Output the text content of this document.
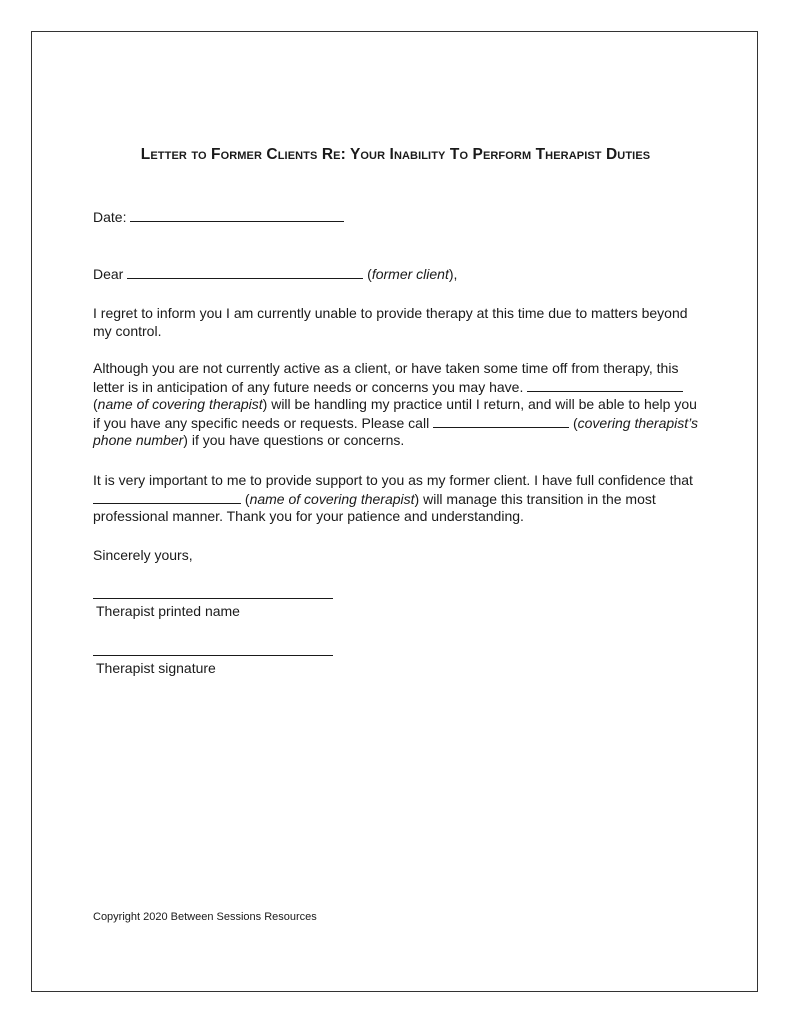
Letter to Former Clients Re: Your Inability To Perform Therapist Duties
Date:
Dear	(former client),
I regret to inform you I am currently unable to provide therapy at this time due to matters beyond my control.
Although you are not currently active as a client, or have taken some time off from therapy, this letter is in anticipation of any future needs or concerns you may have.  (name of covering therapist) will be handling my practice until I return, and will be able to help you if you have any specific needs or requests. Please call	(covering therapist’s phone number) if you have questions or concerns.
It is very important to me to provide support to you as my former client. I have full confidence that  (name of covering therapist) will manage this transition in the most professional manner. Thank you for your patience and understanding.
Sincerely yours,
Therapist printed name
Therapist signature
Copyright 2020 Between Sessions Resources
